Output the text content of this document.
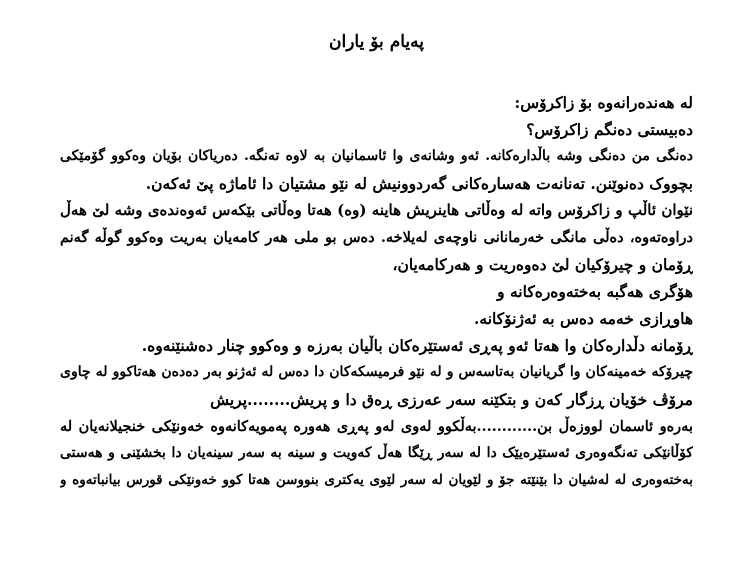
پەیام بۆ یاران
لە هەندەرانەوە بۆ زاکرۆس:
دەبیستی دەنگم زاکرۆس؟
دەنگی من دەنگی وشە باڵدارەکانە. ئەو وشانەی وا ئاسمانیان بە لاوە تەنگە. دەریاکان بۆیان وەکوو گۆمێکی
بچووک دەنوێنن. تەنانەت هەسارەکانی گەردوونیش لە نێو مشتیان دا ئاماژە پێ ئەکەن.
نێوان ئاڵپ و زاکرۆس واتە لە وەڵاتی هاینریش هاینە (وە) هەتا وەڵاتی بێکەس ئەوەندەی وشە لێ هەڵ
دراوەتەوە، دەڵی مانگی خەرمانانی ناوچەی لەیلاخە. دەس بو ملی هەر کامەیان بەریت وەکوو گوڵە گەنم
ڕۆمان و چیرۆکیان لێ دەوەریت و هەرکامەیان،
هۆگری هەگبە بەختەوەرەکانە و
هاوڕازی خەمە دەس بە ئەژنۆکانە.
ڕۆمانە دڵدارەکان وا هەتا ئەو پەڕی ئەستێرەکان باڵیان بەرزە و وەکوو چنار دەشنێنەوە.
چیرۆکە خەمینەکان وا گریانیان بەتاسەس و لە نێو فرمیسکەکان دا دەس لە ئەژنو بەر دەدەن هەتاکوو لە چاوی
مرۆڤ خۆیان ڕزگار کەن و بتکێنە سەر عەرزی ڕەق دا و پریش........پریش
بەرەو ئاسمان لووزەڵ بن............بەڵکوو لەوی لەو پەڕی هەورە پەمویەکانەوە خەونێکی خنجیلانەیان لە
کۆڵانێکی تەنگەوەری ئەستێرەیێک دا لە سەر ڕێگا هەڵ کەویت و سینە بە سەر سینەیان دا بخشێنی و هەستی
بەختەوەری لە لەشیان دا بێنێتە جۆ و لێویان لە سەر لێوی یەکتری بنووسن هەتا کوو خەونێکی قورس بیانباتەوە و
